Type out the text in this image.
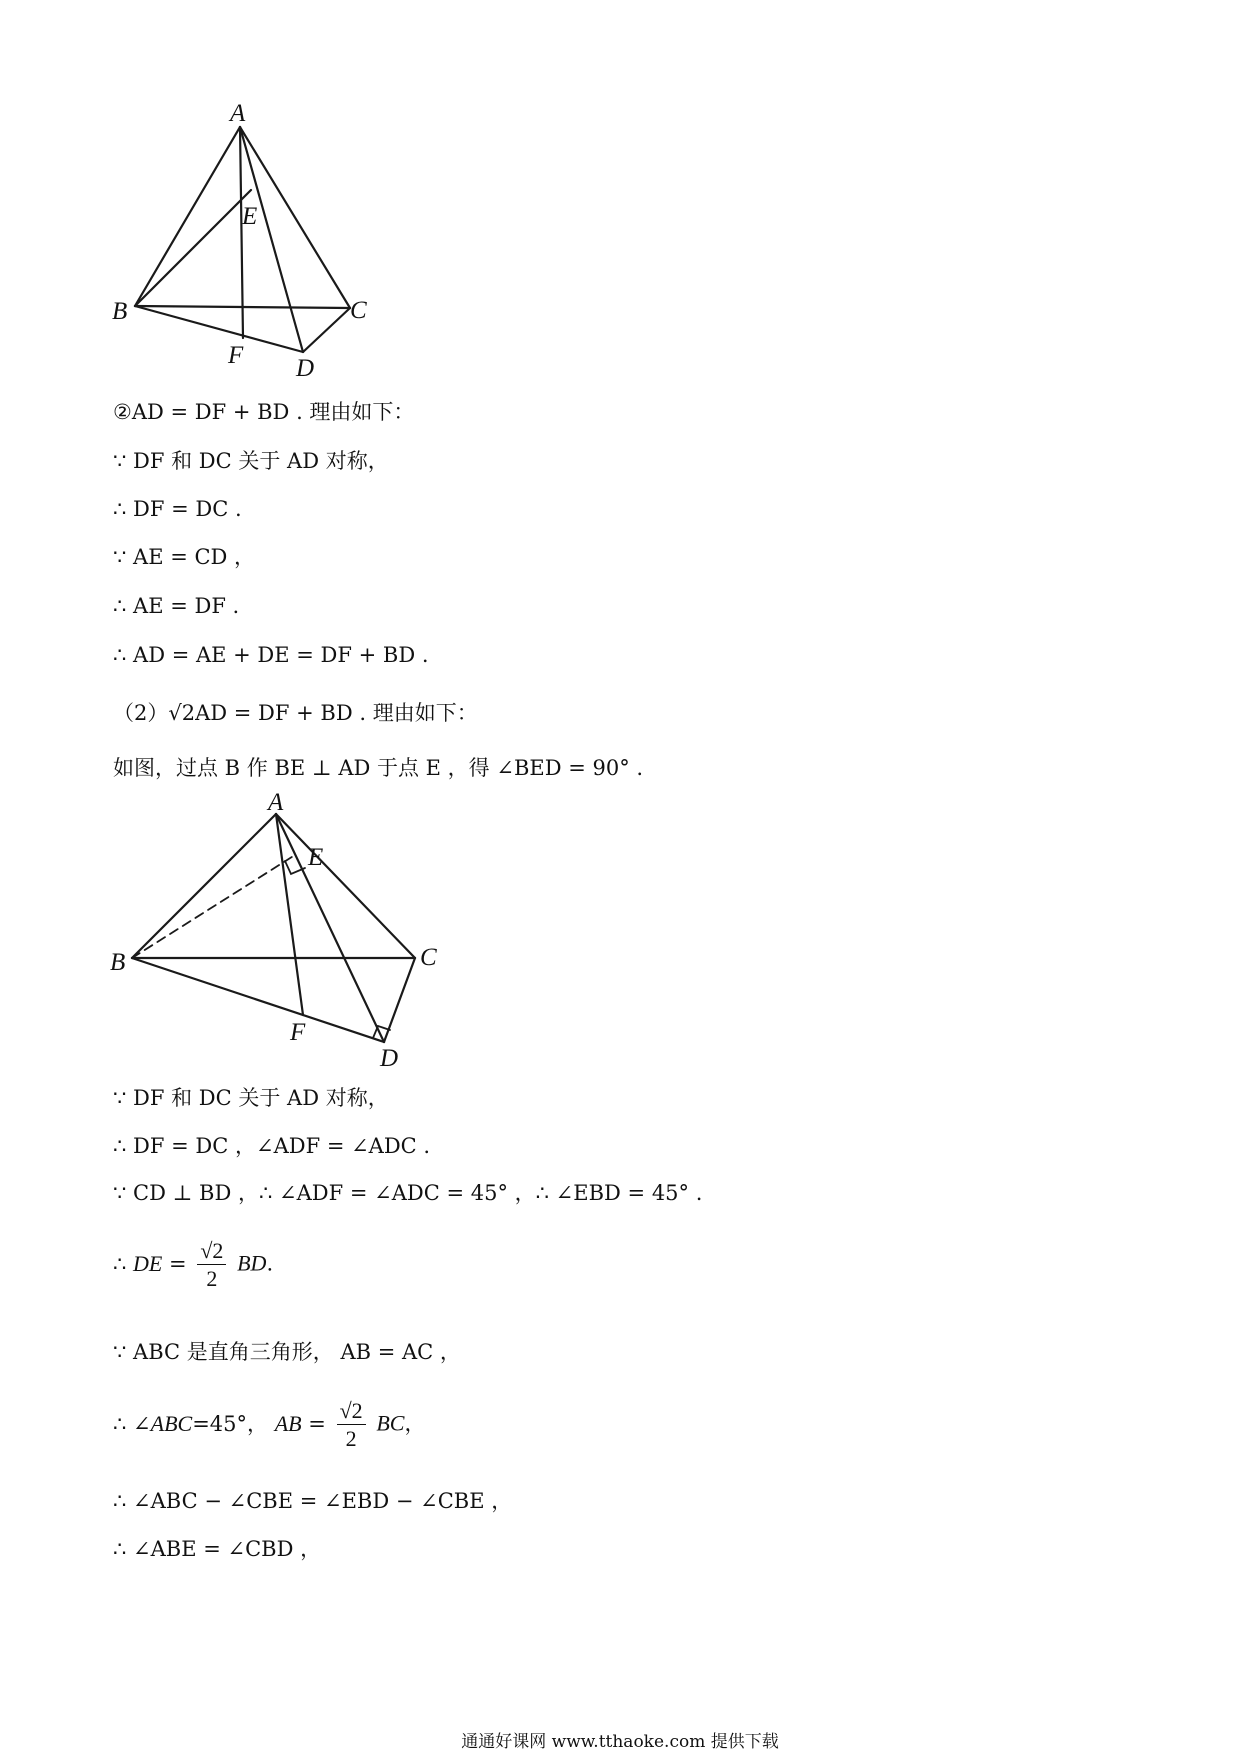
A
B	C
D
E
F
②AD = DF + BD . 理由如下：
∵ DF 和 DC 关于 AD 对称，
∴ DF = DC .
∵ AE = CD ，
∴ AE = DF .
∴ AD = AE + DE = DF + BD .
（2）√2AD = DF + BD . 理由如下：
如图，过点 B 作 BE ⊥ AD 于点 E ，得 ∠BED = 90° .
A
B	C
D
E
F
∵ DF 和 DC 关于 AD 对称，
∴ DF = DC ，∠ADF = ∠ADC .
∵ CD ⊥ BD ，∴ ∠ADF = ∠ADC = 45° ，∴ ∠EBD = 45° .
∴ DE = $\frac{√2}{2}$ BD.
∵ ABC 是直角三角形， AB = AC ，
∴ ∠ABC=45°， AB = $\frac{√2}{2}$ BC，
∴ ∠ABC − ∠CBE = ∠EBD − ∠CBE ，
∴ ∠ABE = ∠CBD ，
通通好课网 www.tthaoke.com 提供下载
